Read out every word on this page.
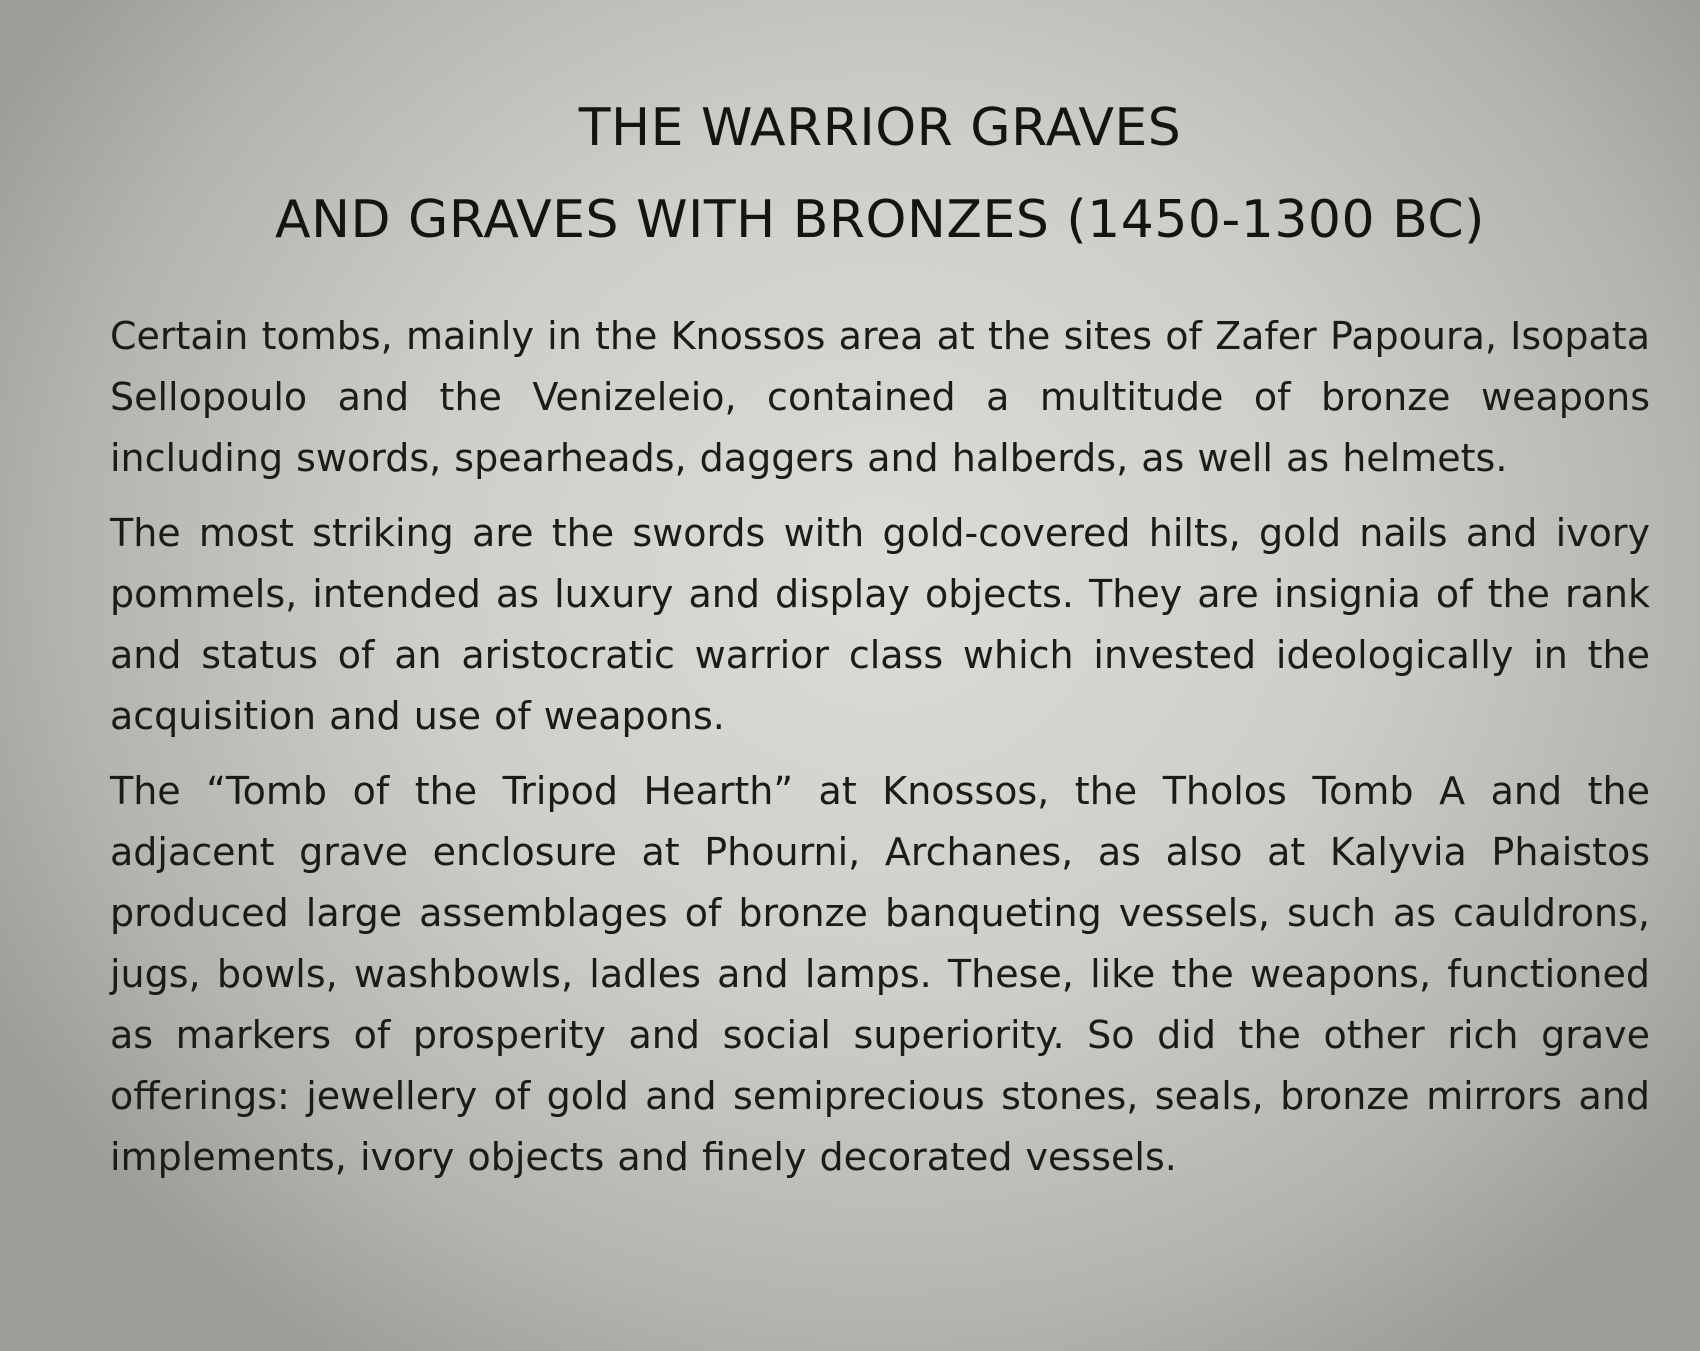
THE WARRIOR GRAVES
AND GRAVES WITH BRONZES (1450-1300 BC)

Certain tombs, mainly in the Knossos area at the sites of Zafer Papoura, Isopata Sellopoulo and the Venizeleio, contained a multitude of bronze weapons including swords, spearheads, daggers and halberds, as well as helmets.

The most striking are the swords with gold-covered hilts, gold nails and ivory pommels, intended as luxury and display objects. They are insignia of the rank and status of an aristocratic warrior class which invested ideologically in the acquisition and use of weapons.

The “Tomb of the Tripod Hearth” at Knossos, the Tholos Tomb A and the adjacent grave enclosure at Phourni, Archanes, as also at Kalyvia Phaistos produced large assemblages of bronze banqueting vessels, such as cauldrons, jugs, bowls, washbowls, ladles and lamps. These, like the weapons, functioned as markers of prosperity and social superiority. So did the other rich grave offerings: jewellery of gold and semiprecious stones, seals, bronze mirrors and implements, ivory objects and finely decorated vessels.
